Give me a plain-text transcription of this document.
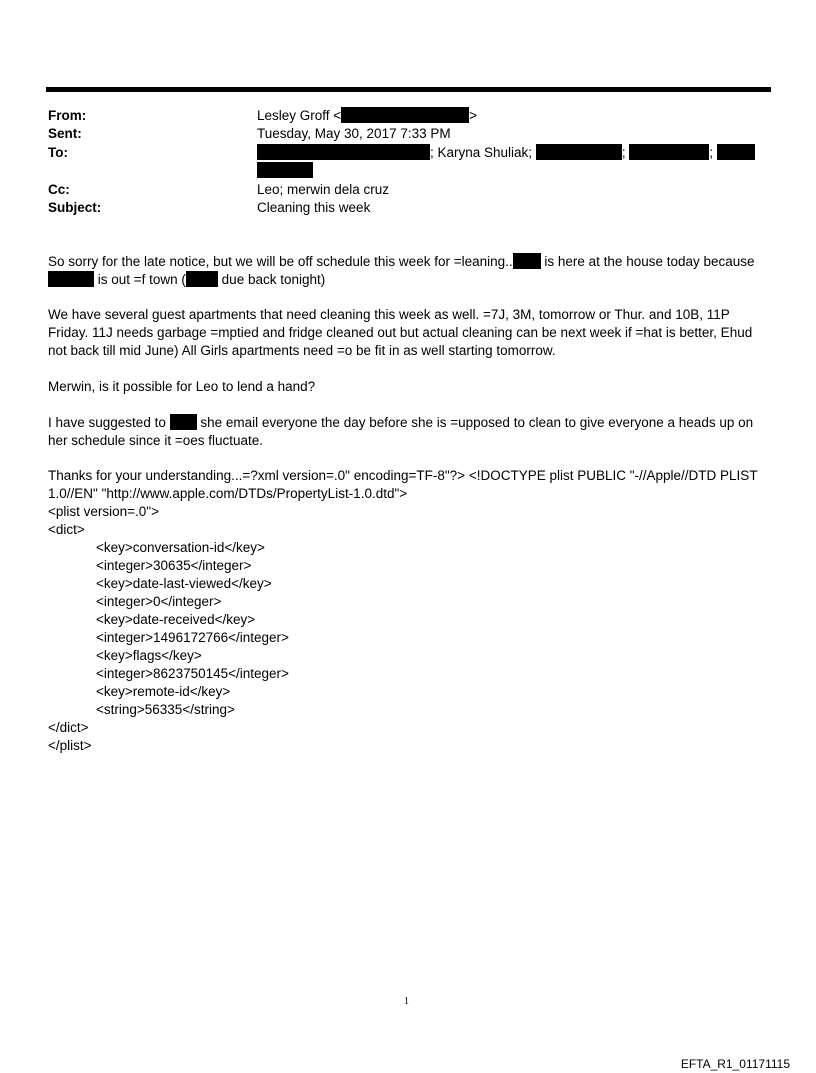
From:	Lesley Groff <	>
Sent:	Tuesday, May 30, 2017 7:33 PM
To:	; Karyna Shuliak;	;	;
Cc:	Leo; merwin dela cruz
Subject:	Cleaning this week

So sorry for the late notice, but we will be off schedule this week for =leaning.. is here at the house today because
is out =f town ( due back tonight)

We have several guest apartments that need cleaning this week as well. =7J, 3M, tomorrow or Thur. and 10B, 11P Friday. 11J needs garbage =mptied and fridge cleaned out but actual cleaning can be next week if =hat is better, Ehud not back till mid June) All Girls apartments need =o be fit in as well starting tomorrow.

Merwin, is it possible for Leo to lend a hand?

I have suggested to  she email everyone the day before she is =upposed to clean to give everyone a heads up on her schedule since it =oes fluctuate.

Thanks for your understanding...=?xml version=.0" encoding=TF-8"?> <!DOCTYPE plist PUBLIC "-//Apple//DTD PLIST 1.0//EN" "http://www.apple.com/DTDs/PropertyList-1.0.dtd">

<plist version=.0">
<dict>
<key>conversation-id</key>
<integer>30635</integer>
<key>date-last-viewed</key>
<integer>0</integer>
<key>date-received</key>
<integer>1496172766</integer>
<key>flags</key>
<integer>8623750145</integer>
<key>remote-id</key>
<string>56335</string>
</dict>
</plist>
1
EFTA_R1_01171115
